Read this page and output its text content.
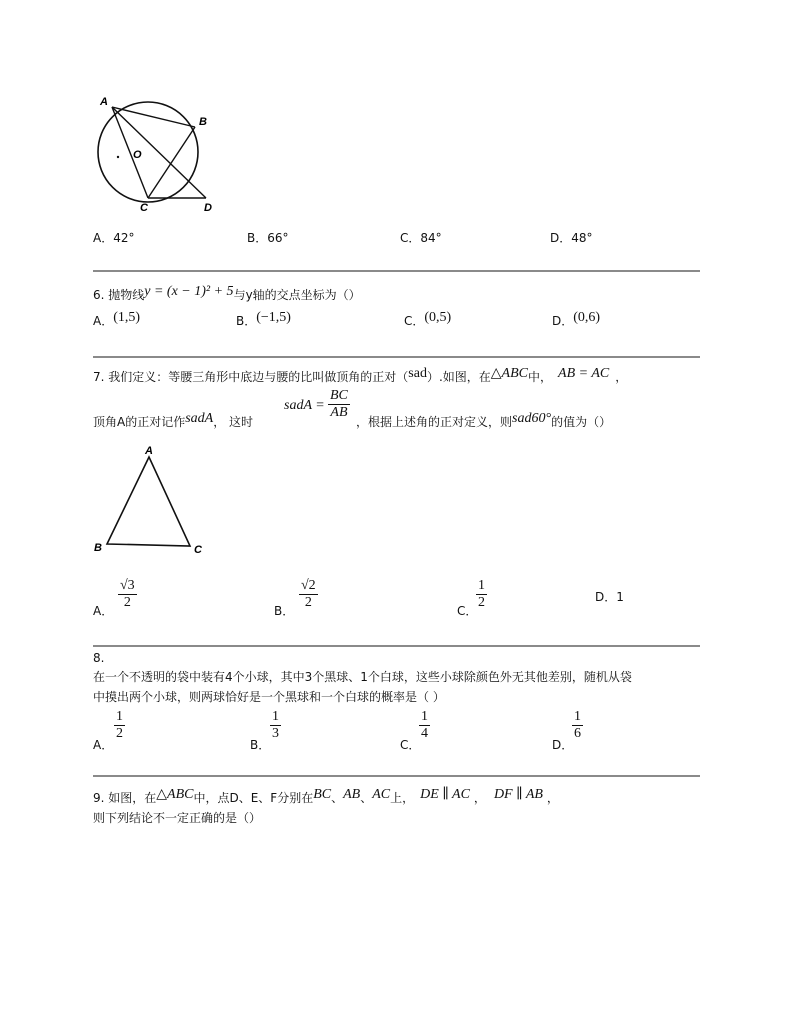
A
B
O
C	D
A．42°	B．66°	C．84°	D．48°
6. 抛物线y = (x − 1)² + 5与y轴的交点坐标为（）
A．(1,5)	B．(−1,5)	C．(0,5)	D．(0,6)
7. 我们定义：等腰三角形中底边与腰的比叫做顶角的正对（sad）.如图，在△ABC中， AB = AC ，
顶角A的正对记作sadA， 这时
sadA = $\frac{BC}{AB}$
，根据上述角的正对定义，则sad60°的值为（）
A
B	C
A． $\frac{√3}{2}$	B． $\frac{√2}{2}$	C．
$\frac{1}{2}$	D．1
8.
在一个不透明的袋中装有4个小球，其中3个黑球、1个白球，这些小球除颜色外无其他差别，随机从袋
中摸出两个小球，则两球恰好是一个黑球和一个白球的概率是（ ）
A．
$\frac{1}{2}$
B．
$\frac{1}{3}$
C．
$\frac{1}{4}$
D．
$\frac{1}{6}$
9. 如图，在△ABC中，点D、E、F分别在BC、AB、AC上， DE ∥ AC ， DF ∥ AB ，
则下列结论不一定正确的是（）
